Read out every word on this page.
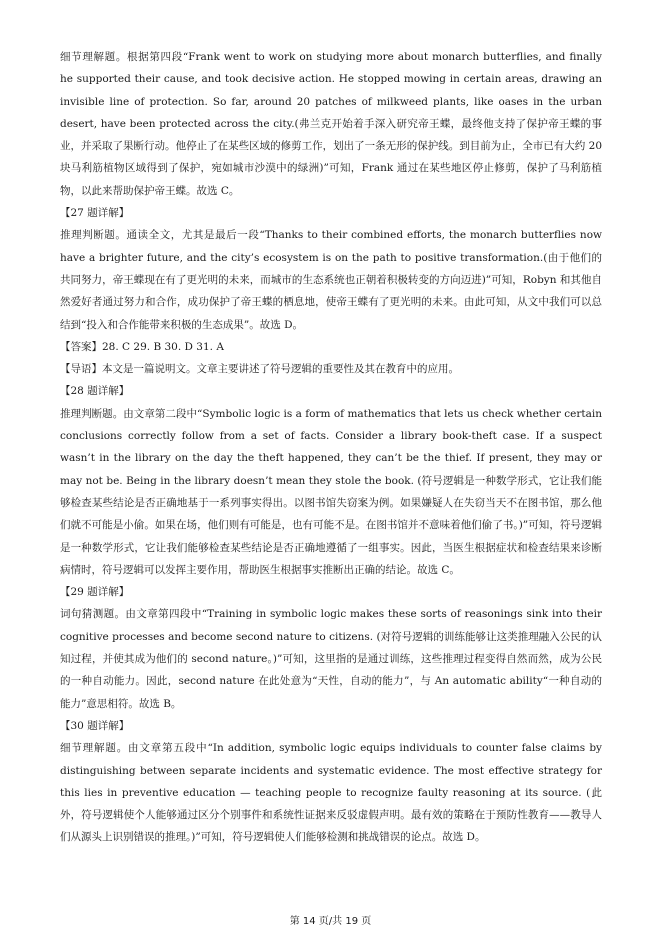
细节理解题。根据第四段“Frank went to work on studying more about monarch butterflies, and finally he supported their cause, and took decisive action. He stopped mowing in certain areas, drawing an invisible line of protection. So far, around 20 patches of milkweed plants, like oases in the urban desert, have been protected across the city.(弗兰克开始着手深入研究帝王蝶，最终他支持了保护帝王蝶的事业，并采取了果断行动。他停止了在某些区域的修剪工作，划出了一条无形的保护线。到目前为止，全市已有大约 20 块马利筋植物区域得到了保护，宛如城市沙漠中的绿洲)”可知，Frank 通过在某些地区停止修剪，保护了马利筋植物，以此来帮助保护帝王蝶。故选 C。

【27 题详解】

推理判断题。通读全文，尤其是最后一段“Thanks to their combined efforts, the monarch butterflies now have a brighter future, and the city’s ecosystem is on the path to positive transformation.(由于他们的共同努力，帝王蝶现在有了更光明的未来，而城市的生态系统也正朝着积极转变的方向迈进)”可知，Robyn 和其他自然爱好者通过努力和合作，成功保护了帝王蝶的栖息地，使帝王蝶有了更光明的未来。由此可知，从文中我们可以总结到“投入和合作能带来积极的生态成果”。故选 D。

【答案】28. C 29. B 30. D 31. A

【导语】本文是一篇说明文。文章主要讲述了符号逻辑的重要性及其在教育中的应用。

【28 题详解】

推理判断题。由文章第二段中“Symbolic logic is a form of mathematics that lets us check whether certain conclusions correctly follow from a set of facts. Consider a library book-theft case. If a suspect wasn’t in the library on the day the theft happened, they can’t be the thief. If present, they may or may not be. Being in the library doesn’t mean they stole the book. (符号逻辑是一种数学形式，它让我们能够检查某些结论是否正确地基于一系列事实得出。以图书馆失窃案为例。如果嫌疑人在失窃当天不在图书馆，那么他们就不可能是小偷。如果在场，他们则有可能是，也有可能不是。在图书馆并不意味着他们偷了书。)”可知，符号逻辑是一种数学形式，它让我们能够检查某些结论是否正确地遵循了一组事实。因此，当医生根据症状和检查结果来诊断病情时，符号逻辑可以发挥主要作用，帮助医生根据事实推断出正确的结论。故选 C。

【29 题详解】

词句猜测题。由文章第四段中“Training in symbolic logic makes these sorts of reasonings sink into their cognitive processes and become second nature to citizens. (对符号逻辑的训练能够让这类推理融入公民的认知过程，并使其成为他们的 second nature。)”可知，这里指的是通过训练，这些推理过程变得自然而然，成为公民的一种自动能力。因此，second nature 在此处意为“天性，自动的能力”，与 An automatic ability“一种自动的能力”意思相符。故选 B。

【30 题详解】

细节理解题。由文章第五段中“In addition, symbolic logic equips individuals to counter false claims by distinguishing between separate incidents and systematic evidence. The most effective strategy for this lies in preventive education — teaching people to recognize faulty reasoning at its source. (此外，符号逻辑使个人能够通过区分个别事件和系统性证据来反驳虚假声明。最有效的策略在于预防性教育——教导人们从源头上识别错误的推理。)”可知，符号逻辑使人们能够检测和挑战错误的论点。故选 D。

第 14 页/共 19 页
